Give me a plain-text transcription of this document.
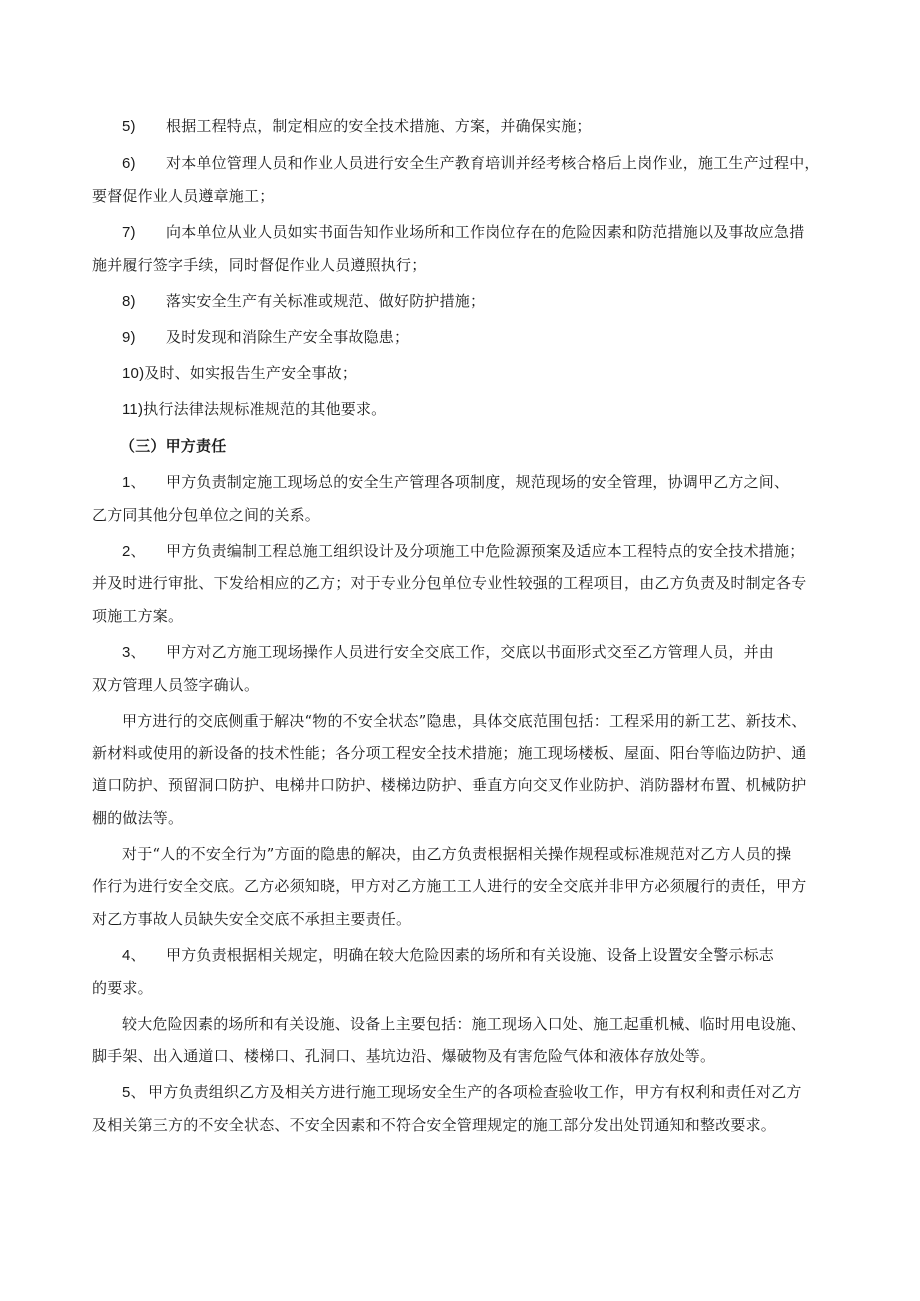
5) 根据工程特点，制定相应的安全技术措施、方案，并确保实施；
6) 对本单位管理人员和作业人员进行安全生产教育培训并经考核合格后上岗作业，施工生产过程中，
要督促作业人员遵章施工；
7) 向本单位从业人员如实书面告知作业场所和工作岗位存在的危险因素和防范措施以及事故应急措
施并履行签字手续，同时督促作业人员遵照执行；
8) 落实安全生产有关标准或规范、做好防护措施；
9) 及时发现和消除生产安全事故隐患；
10)及时、如实报告生产安全事故；
11)执行法律法规标准规范的其他要求。
（三）甲方责任
1、 甲方负责制定施工现场总的安全生产管理各项制度，规范现场的安全管理，协调甲乙方之间、
乙方同其他分包单位之间的关系。
2、 甲方负责编制工程总施工组织设计及分项施工中危险源预案及适应本工程特点的安全技术措施；
并及时进行审批、下发给相应的乙方；对于专业分包单位专业性较强的工程项目，由乙方负责及时制定各专
项施工方案。
3、 甲方对乙方施工现场操作人员进行安全交底工作，交底以书面形式交至乙方管理人员，并由
双方管理人员签字确认。
甲方进行的交底侧重于解决“物的不安全状态”隐患，具体交底范围包括：工程采用的新工艺、新技术、
新材料或使用的新设备的技术性能；各分项工程安全技术措施；施工现场楼板、屋面、阳台等临边防护、通
道口防护、预留洞口防护、电梯井口防护、楼梯边防护、垂直方向交叉作业防护、消防器材布置、机械防护
棚的做法等。
对于“人的不安全行为”方面的隐患的解决，由乙方负责根据相关操作规程或标准规范对乙方人员的操
作行为进行安全交底。乙方必须知晓，甲方对乙方施工工人进行的安全交底并非甲方必须履行的责任，甲方
对乙方事故人员缺失安全交底不承担主要责任。
4、 甲方负责根据相关规定，明确在较大危险因素的场所和有关设施、设备上设置安全警示标志
的要求。
较大危险因素的场所和有关设施、设备上主要包括：施工现场入口处、施工起重机械、临时用电设施、
脚手架、出入通道口、楼梯口、孔洞口、基坑边沿、爆破物及有害危险气体和液体存放处等。
5、 甲方负责组织乙方及相关方进行施工现场安全生产的各项检查验收工作，甲方有权利和责任对乙方
及相关第三方的不安全状态、不安全因素和不符合安全管理规定的施工部分发出处罚通知和整改要求。
